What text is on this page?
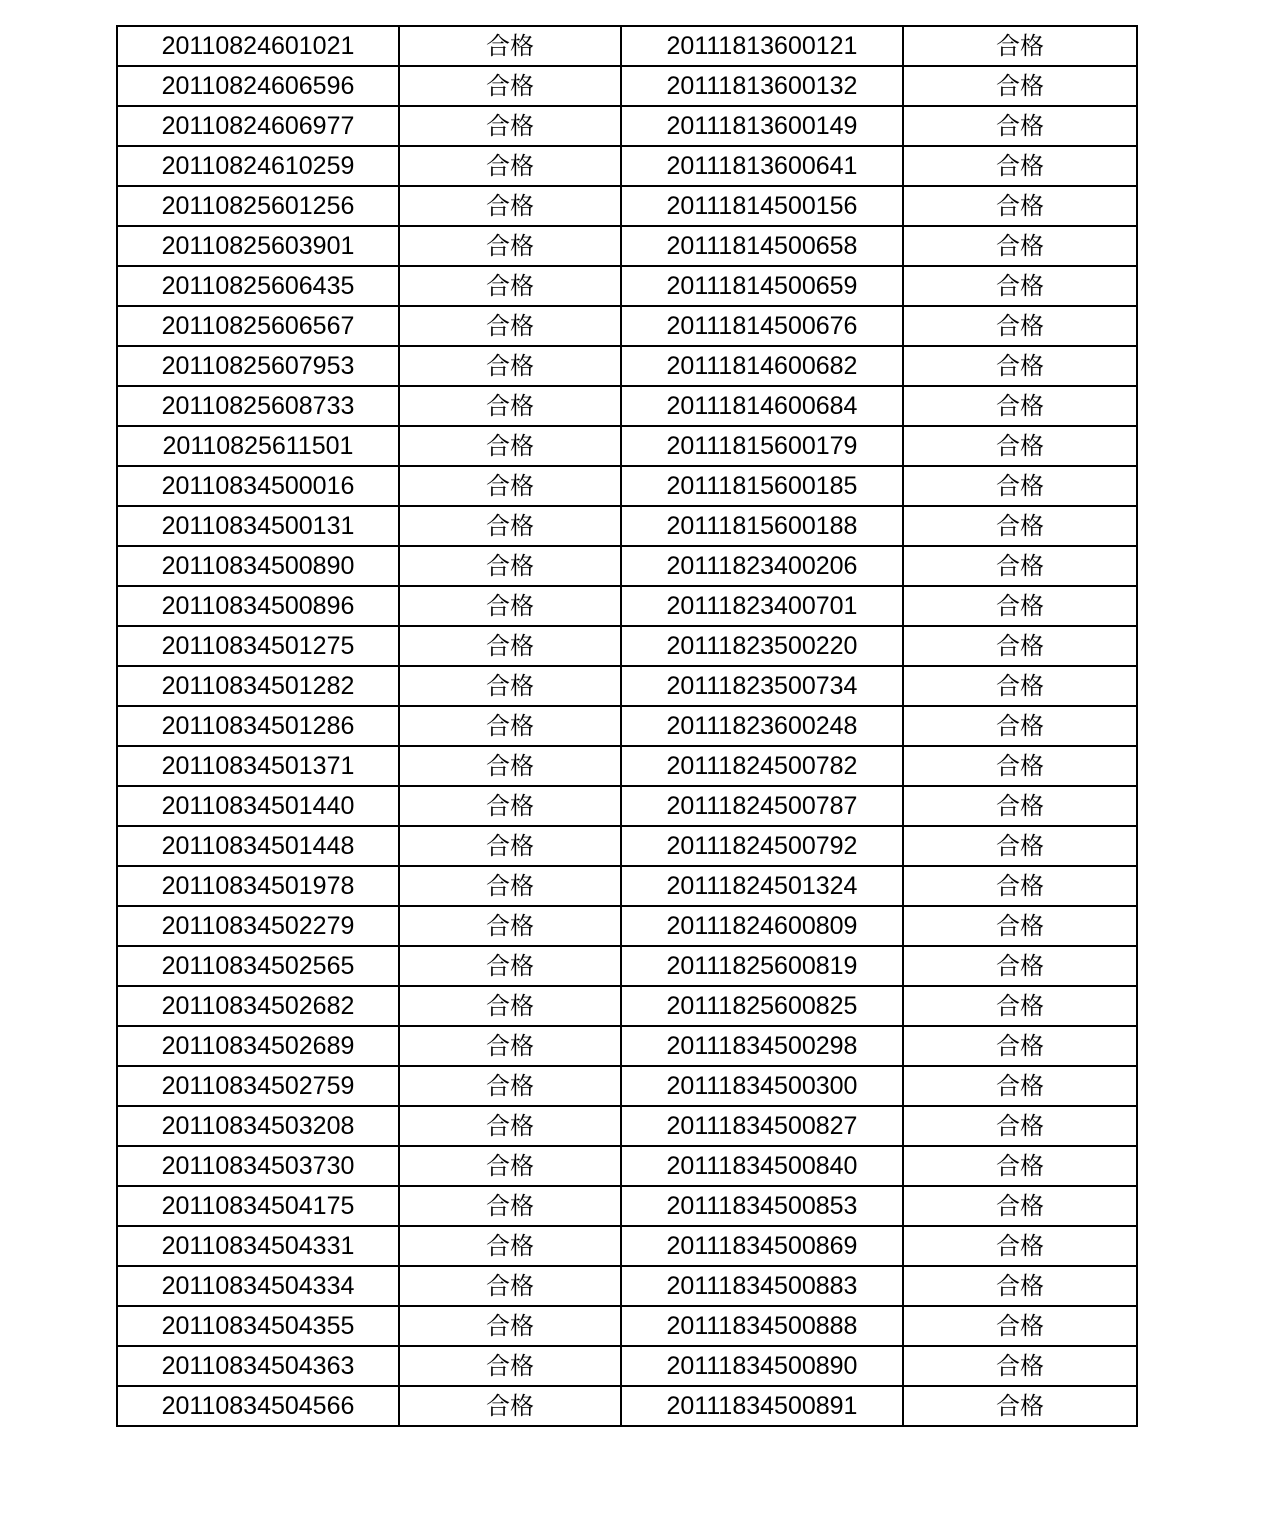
20110824601021	合格	20111813600121	合格
20110824606596	合格	20111813600132	合格
20110824606977	合格	20111813600149	合格
20110824610259	合格	20111813600641	合格
20110825601256	合格	20111814500156	合格
20110825603901	合格	20111814500658	合格
20110825606435	合格	20111814500659	合格
20110825606567	合格	20111814500676	合格
20110825607953	合格	20111814600682	合格
20110825608733	合格	20111814600684	合格
20110825611501	合格	20111815600179	合格
20110834500016	合格	20111815600185	合格
20110834500131	合格	20111815600188	合格
20110834500890	合格	20111823400206	合格
20110834500896	合格	20111823400701	合格
20110834501275	合格	20111823500220	合格
20110834501282	合格	20111823500734	合格
20110834501286	合格	20111823600248	合格
20110834501371	合格	20111824500782	合格
20110834501440	合格	20111824500787	合格
20110834501448	合格	20111824500792	合格
20110834501978	合格	20111824501324	合格
20110834502279	合格	20111824600809	合格
20110834502565	合格	20111825600819	合格
20110834502682	合格	20111825600825	合格
20110834502689	合格	20111834500298	合格
20110834502759	合格	20111834500300	合格
20110834503208	合格	20111834500827	合格
20110834503730	合格	20111834500840	合格
20110834504175	合格	20111834500853	合格
20110834504331	合格	20111834500869	合格
20110834504334	合格	20111834500883	合格
20110834504355	合格	20111834500888	合格
20110834504363	合格	20111834500890	合格
20110834504566	合格	20111834500891	合格
